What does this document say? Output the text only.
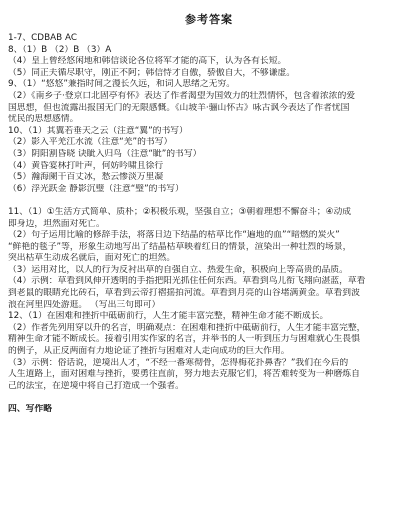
参考答案
1-7、CDBAB AC
8、（1）B （2）B （3）A
（4）皇上曾经悠闲地和韩信谈论各位将军才能的高下，认为各有长短。
（5）同正夫循尽职守，刚正不阿；韩信恃才自傲，骄傲自大，不够谦虚。
9、（1）“悠悠”兼指时间之漫长久远，和词人思绪之无穷。
（2）《南乡子·登京口北固亭有怀》表达了作者渴望为国效力的壮烈情怀，包含着浓浓的爱
国思想，但也流露出报国无门的无限感慨。《山坡羊·骊山怀古》咏古讽今表达了作者忧国
忧民的思想感情。
10、（1）其翼若垂天之云（注意“翼”的书写）
（2）影入平羌江水流（注意“羌”的书写）
（3）阴阳割昏晓 诀眦入归鸟（注意“眦”的书写）
（4）黄昏宴林打叶声，何妨吟啸且徐行
（5）瀚海阑干百丈冰，愁云惨淡万里凝
（6）浮光跃金 静影沉璧（注意“璧”的书写）
11、（1）①生活方式简单、质朴；②积极乐观，坚强自立；③朝着理想不懈奋斗；④动成
即身边，坦然面对死亡。
（2）句子运用比喻的修辞手法，将落日边下结晶的枯草比作“遍地的血”“暗燃的炭火”
“鲜艳的毯子”等，形象生动地写出了结晶枯草映着红日的情景，渲染出一种壮烈的场景，
突出枯草生动成名就后，面对死亡的坦然。
（3）运用对比，以人的行为反衬出草的自强自立、热爱生命，积极向上等高贵的品质。
（4）示例：草看到风伸开透明的手指把阳光抓住任何东西。草看到鸟儿衔飞翔向湛蓝，草看
到老鼠的眼睛充比砖石，草看到云帝打褶揺拍河流。草看到月亮的山谷堵满黄金。草看到波
浪在河里四处游逛。 （写出三句即可）
12、（1）在困难和挫折中砥砺前行，人生才能丰富完整，精神生命才能不断成长。
（2）作者先列用穿以升的名言，明确观点：在困难和挫折中砥砺前行，人生才能丰富完整，
精神生命才能不断成长。接着引用实作家的名言，并举书的人一听到压力与困难就心生畏惧
的例子，从正反两面有力地论证了挫折与困难对人走向成功的巨大作用。
（3）示例：俗话说，逆境出人才，“不经一番寒彻骨，怎得梅花扑鼻香？”我们在今后的
人生道路上，面对困难与挫折，要勇往直前，努力地去克服它们，将苦难转变为一种磨炼自
己的法宝，在逆境中将自己打造成一个强者。
四、写作略
